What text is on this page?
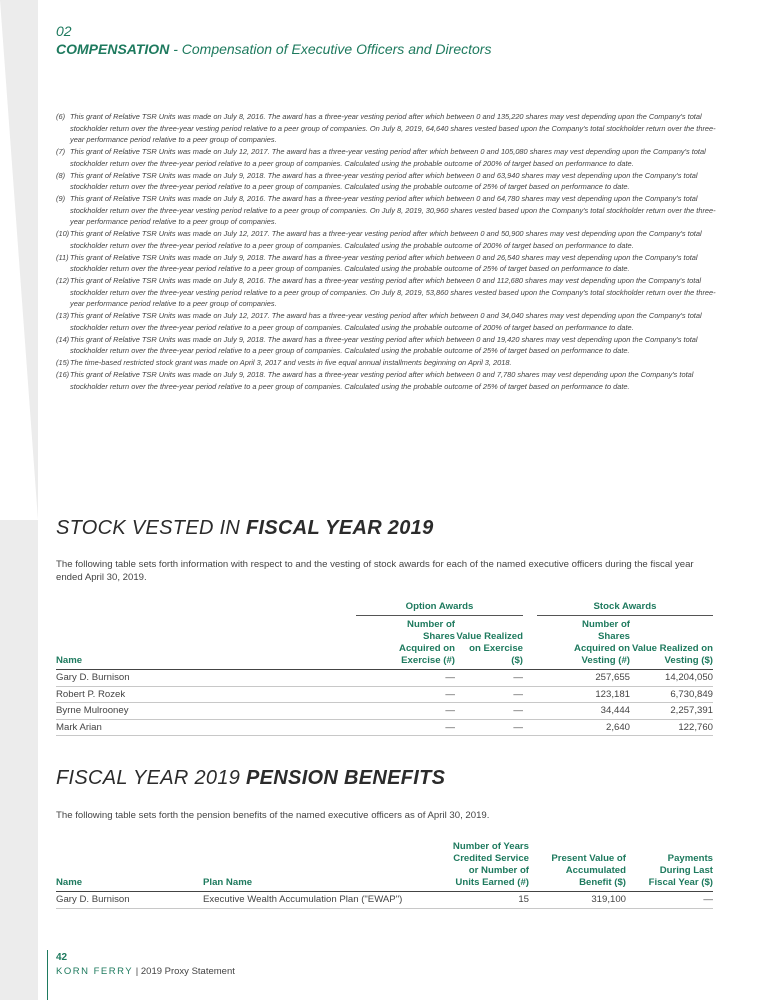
02
COMPENSATION - Compensation of Executive Officers and Directors
(6) This grant of Relative TSR Units was made on July 8, 2016. The award has a three-year vesting period after which between 0 and 135,220 shares may vest depending upon the Company's total stockholder return over the three-year vesting period relative to a peer group of companies. On July 8, 2019, 64,640 shares vested based upon the Company's total stockholder return over the three-year performance period relative to a peer group of companies.
(7) This grant of Relative TSR Units was made on July 12, 2017. The award has a three-year vesting period after which between 0 and 105,080 shares may vest depending upon the Company's total stockholder return over the three-year period relative to a peer group of companies. Calculated using the probable outcome of 200% of target based on performance to date.
(8) This grant of Relative TSR Units was made on July 9, 2018. The award has a three-year vesting period after which between 0 and 63,940 shares may vest depending upon the Company's total stockholder return over the three-year period relative to a peer group of companies. Calculated using the probable outcome of 25% of target based on performance to date.
(9) This grant of Relative TSR Units was made on July 8, 2016. The award has a three-year vesting period after which between 0 and 64,780 shares may vest depending upon the Company's total stockholder return over the three-year vesting period relative to a peer group of companies. On July 8, 2019, 30,960 shares vested based upon the Company's total stockholder return over the three-year performance period relative to a peer group of companies.
(10) This grant of Relative TSR Units was made on July 12, 2017. The award has a three-year vesting period after which between 0 and 50,900 shares may vest depending upon the Company's total stockholder return over the three-year period relative to a peer group of companies. Calculated using the probable outcome of 200% of target based on performance to date.
(11) This grant of Relative TSR Units was made on July 9, 2018. The award has a three-year vesting period after which between 0 and 26,540 shares may vest depending upon the Company's total stockholder return over the three-year period relative to a peer group of companies. Calculated using the probable outcome of 25% of target based on performance to date.
(12) This grant of Relative TSR Units was made on July 8, 2016. The award has a three-year vesting period after which between 0 and 112,680 shares may vest depending upon the Company's total stockholder return over the three-year vesting period relative to a peer group of companies. On July 8, 2019, 53,860 shares vested based upon the Company's total stockholder return over the three-year performance period relative to a peer group of companies.
(13) This grant of Relative TSR Units was made on July 12, 2017. The award has a three-year vesting period after which between 0 and 34,040 shares may vest depending upon the Company's total stockholder return over the three-year period relative to a peer group of companies. Calculated using the probable outcome of 200% of target based on performance to date.
(14) This grant of Relative TSR Units was made on July 9, 2018. The award has a three-year vesting period after which between 0 and 19,420 shares may vest depending upon the Company's total stockholder return over the three-year period relative to a peer group of companies. Calculated using the probable outcome of 25% of target based on performance to date.
(15) The time-based restricted stock grant was made on April 3, 2017 and vests in five equal annual installments beginning on April 3, 2018.
(16) This grant of Relative TSR Units was made on July 9, 2018. The award has a three-year vesting period after which between 0 and 7,780 shares may vest depending upon the Company's total stockholder return over the three-year period relative to a peer group of companies. Calculated using the probable outcome of 25% of target based on performance to date.
STOCK VESTED IN FISCAL YEAR 2019
The following table sets forth information with respect to and the vesting of stock awards for each of the named executive officers during the fiscal year ended April 30, 2019.

	Option Awards			Stock Awards	

Name	Number of Shares Acquired on Exercise (#)	Value Realized on Exercise ($)		Number of Shares Acquired on Vesting (#)	Value Realized on Vesting ($)
Gary D. Burnison	—	—		257,655	14,204,050
Robert P. Rozek	—	—		123,181	6,730,849
Byrne Mulrooney	—	—		34,444	2,257,391
Mark Arian	—	—		2,640	122,760
FISCAL YEAR 2019 PENSION BENEFITS
The following table sets forth the pension benefits of the named executive officers as of April 30, 2019.
Name	Plan Name	Number of Years Credited Service or Number of Units Earned (#)	Present Value of Accumulated Benefit ($)	Payments During Last Fiscal Year ($)
Gary D. Burnison	Executive Wealth Accumulation Plan ("EWAP")	15	319,100	—
42
KORN FERRY | 2019 Proxy Statement
